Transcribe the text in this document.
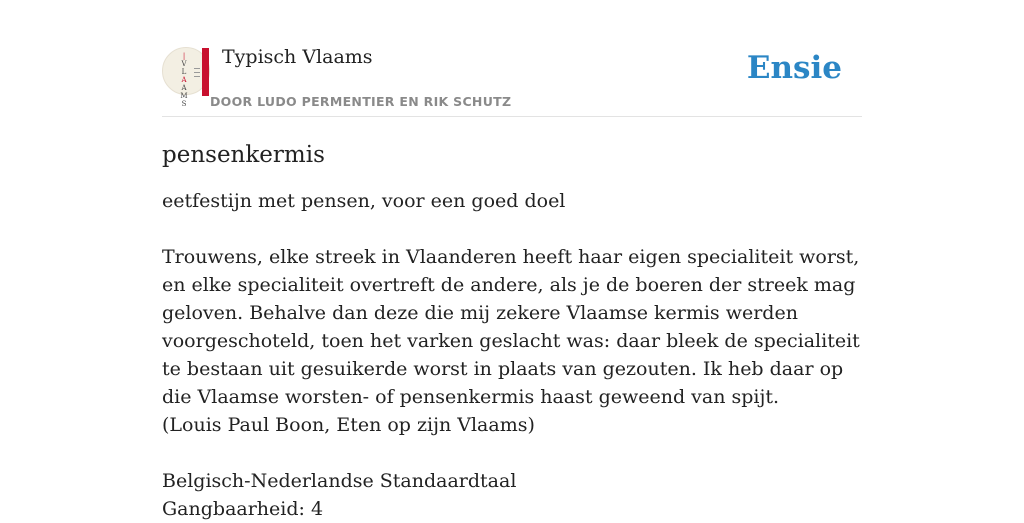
|
V
L
A
A
M
S
Typisch Vlaams
DOOR LUDO PERMENTIER EN RIK SCHUTZ
Ensie
pensenkermis

eetfestijn met pensen, voor een goed doel

Trouwens, elke streek in Vlaanderen heeft haar eigen specialiteit worst, en elke specialiteit overtreft de andere, als je de boeren der streek mag geloven. Behalve dan deze die mij zekere Vlaamse kermis werden voorgeschoteld, toen het varken geslacht was: daar bleek de specialiteit te bestaan uit gesuikerde worst in plaats van gezouten. Ik heb daar op die Vlaamse worsten- of pensenkermis haast geweend van spijt.

(Louis Paul Boon, Eten op zijn Vlaams)

Belgisch-Nederlandse Standaardtaal

Gangbaarheid: 4
